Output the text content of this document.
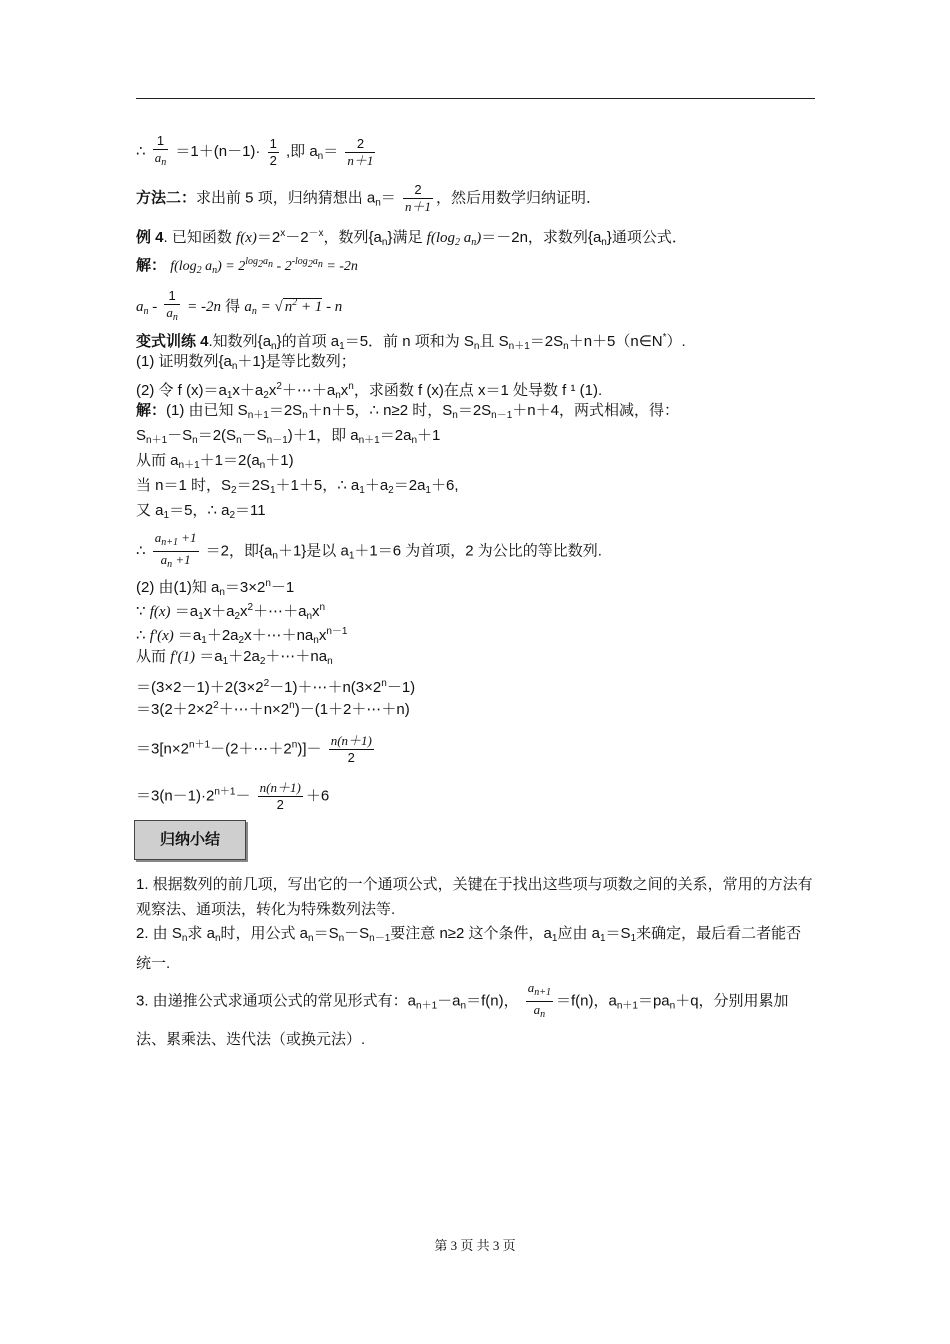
∴ $\frac{1}{a_n} =1+(n-1)\cdot \frac{1}{2}$ ,即 $a_n= \frac{2}{n+1}$
方法二：求出前 5 项，归纳猜想出 $a_n= \frac{2}{n+1}$ ，然后用数学归纳证明．
例 4. 已知函数 $f(x)=2^x-2^{-x}$，数列$\{a_n\}$满足 $f(\log_2$ $a_n)=-2n$，求数列$\{a_n\}$通项公式．
解： $f(\log_2$ $a_n) = 2^{log_2a_n} - 2^{-log_2a_n} = -2n$
$a_n - \frac{1}{a_n} = -2n$ 得 $a_n$ = √ $n^2 + 1 - n$
变式训练 4.知数列$\{a_n\}$的首项 $a_1=5$．前 n 项和为 $S_n$且 $S_{n+1}=2S_n+n+5(n\in N^*)$.
(1) 证明数列$\{a_n+1\}$是等比数列；
(2) 令 f $(x)=a_1x+a_2x^2+\cdots+a_nx^n$，求函数 f (x)在点 x＝1 处导数 f ¹ (1).
解：(1) 由已知 $S_{n+1}=2S_n+n+5$，∴ n≥2 时，$S_n=2S_{n-1}+n+4$，两式相减，得：
$S_{n+1}-S_n=2(S_n-S_{n-1})+1$，即 $a_{n+1}=2a_n+1$
从而 $a_{n+1}+1=2(a_n+1)$
当 n＝1 时，$S_2=2S_1+1+5$，∴ $a_1+a_2=2a_1+6$,
又 $a_1=5$，∴ $a_2=11$
∴ $\frac{a_{n+1} +1}{a_n +1} =2$，即$\{a_n+1\}$是以 $a_1+1=6$ 为首项，2 为公比的等比数列.
(2) 由(1)知 $a_n=3\times 2^n-1$
∵ $f(x) =a_1x+a_2x^2+\cdots+a_nx^n$
∴ $f'(x) =a_1+2a_2x+\cdots+na_nx^{n-1}$
从而 $f'(1) =a_1+2a_2+\cdots+na_n$
$=(3\times 2-1)+2(3\times 2^2-1)+\cdots+n(3\times 2^n-1)$
$=3(2+2\times 2^2+\cdots+n\times 2^n)-(1+2+\cdots+n)$
$=3[n\times 2^{n+1}-(2+\cdots+2^n)]- \frac{n(n+1)}{2}$
$=3(n-1)\cdot 2^{n+1}- \frac{n(n+1)}{2} +6$
归纳小结
1. 根据数列的前几项，写出它的一个通项公式，关键在于找出这些项与项数之间的关系，常用的方法有观察法、通项法，转化为特殊数列法等.
2. 由 $S_n$求 $a_n$时，用公式 $a_n=S_n-S_{n-1}$要注意 n≥2 这个条件，$a_1$应由 $a_1=S_1$来确定，最后看二者能否统一.
3. 由递推公式求通项公式的常见形式有：$a_{n+1}-a_n=f(n)$， $\frac{a_{n+1}}{a_n} =f(n)$，$a_{n+1}=pa_n+q$，分别用累加法、累乘法、迭代法（或换元法）.
第 3 页 共 3 页
